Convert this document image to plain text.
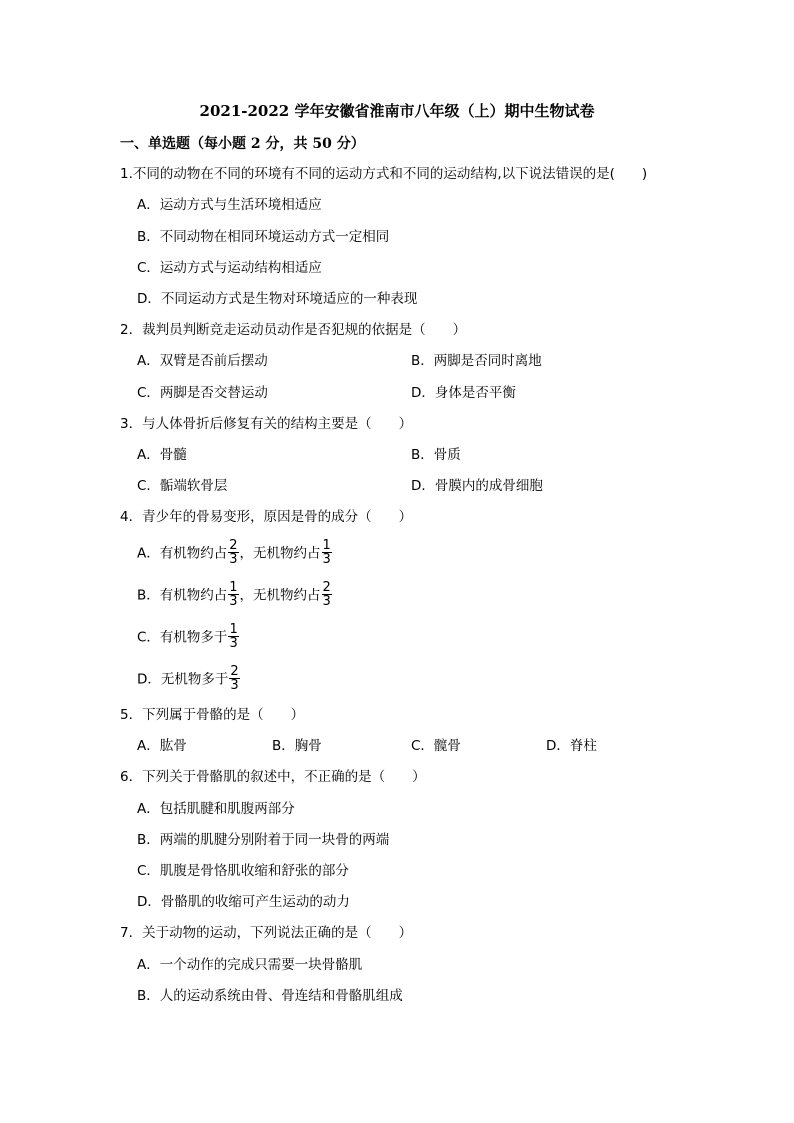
2021-2022 学年安徽省淮南市八年级（上）期中生物试卷
一、单选题（每小题 2 分，共 50 分）
1.不同的动物在不同的环境有不同的运动方式和不同的运动结构,以下说法错误的是(　　)
A．运动方式与生活环境相适应
B．不同动物在相同环境运动方式一定相同
C．运动方式与运动结构相适应
D．不同运动方式是生物对环境适应的一种表现
2．裁判员判断竞走运动员动作是否犯规的依据是（　　）
A．双臂是否前后摆动	B．两脚是否同时离地
C．两脚是否交替运动	D．身体是否平衡
3．与人体骨折后修复有关的结构主要是（　　）
A．骨髓	B．骨质
C．骺端软骨层	D．骨膜内的成骨细胞
4．青少年的骨易变形，原因是骨的成分（　　）
A．有机物约占 $\frac{2}{3}$ ，无机物约占 $\frac{1}{3}$
B．有机物约占 $\frac{1}{3}$ ，无机物约占 $\frac{2}{3}$
C．有机物多于 $\frac{1}{3}$
D．无机物多于 $\frac{2}{3}$
5．下列属于骨骼的是（　　）
A．肱骨	B．胸骨	C．髋骨	D．脊柱
6．下列关于骨骼肌的叙述中，不正确的是（　　）
A．包括肌腱和肌腹两部分
B．两端的肌腱分别附着于同一块骨的两端
C．肌腹是骨恪肌收缩和舒张的部分
D．骨骼肌的收缩可产生运动的动力
7．关于动物的运动，下列说法正确的是（　　）
A．一个动作的完成只需要一块骨骼肌
B．人的运动系统由骨、骨连结和骨骼肌组成
